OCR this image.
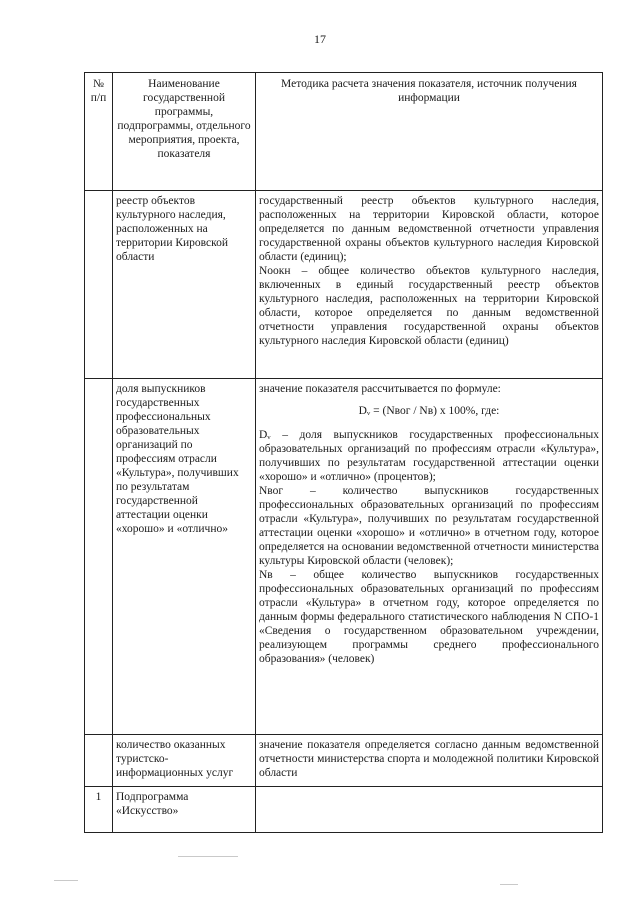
17
№ п/п	Наименование государственной программы, подпрограммы, отдельного мероприятия, проекта, показателя	Методика расчета значения показателя, источник получения информации
	реестр объектов культурного наследия, расположенных на территории Кировской области	государственный реестр объектов культурного наследия, расположенных на территории Кировской области, которое определяется по данным ведомственной отчетности управления государственной охраны объектов культурного наследия Кировской области (единиц);

Nоокн – общее количество объектов культурного наследия, включенных в единый государственный реестр объектов культурного наследия, расположенных на территории Кировской области, которое определяется по данным ведомственной отчетности управления государственной охраны объектов культурного наследия Кировской области (единиц)

	доля выпускников государственных профессиональных образовательных организаций по профессиям отрасли «Культура», получивших по результатам государственной аттестации оценки «хорошо» и «отлично»	значение показателя рассчитывается по формуле:

Dᵥ = (Nвог / Nв) x 100%, где:

Dᵥ – доля выпускников государственных профессиональных образовательных организаций по профессиям отрасли «Культура», получивших по результатам государственной аттестации оценки «хорошо» и «отлично» (процентов);

Nвог – количество выпускников государственных профессиональных образовательных организаций по профессиям отрасли «Культура», получивших по результатам государственной аттестации оценки «хорошо» и «отлично» в отчетном году, которое определяется на основании ведомственной отчетности министерства культуры Кировской области (человек);

Nв – общее количество выпускников государственных профессиональных образовательных организаций по профессиям отрасли «Культура» в отчетном году, которое определяется по данным формы федерального статистического наблюдения N СПО-1 «Сведения о государственном образовательном учреждении, реализующем программы среднего профессионального образования» (человек)

	количество оказанных туристско-информационных услуг	значение показателя определяется согласно данным ведомственной отчетности министерства спорта и молодежной политики Кировской области

1	Подпрограмма «Искусство»	
